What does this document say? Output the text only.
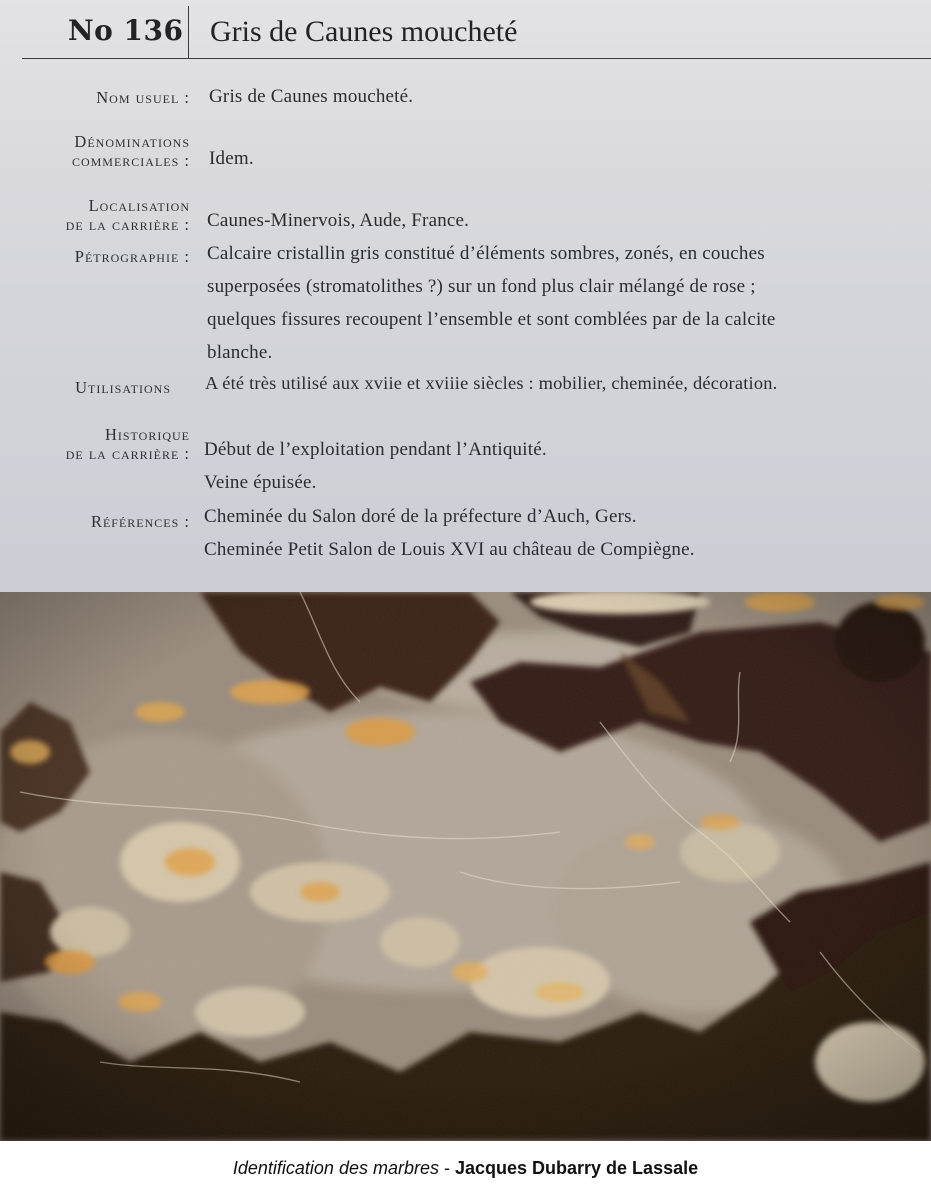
No 136 Gris de Caunes moucheté
Nom usuel : Gris de Caunes moucheté.
Dénominations
commerciales : Idem.
Localisation
de la carrière : Caunes-Minervois, Aude, France.
Pétrographie : Calcaire cristallin gris constitué d’éléments sombres, zonés, en couches
superposées (stromatolithes ?) sur un fond plus clair mélangé de rose ;
quelques fissures recoupent l’ensemble et sont comblées par de la calcite
blanche.
Utilisations A été très utilisé aux xviie et xviiie siècles : mobilier, cheminée, décoration.
Historique
de la carrière : Début de l’exploitation pendant l’Antiquité.
Veine épuisée.
Références : Cheminée du Salon doré de la préfecture d’Auch, Gers.
Cheminée Petit Salon de Louis XVI au château de Compiègne.
Identification des marbres - Jacques Dubarry de Lassale
